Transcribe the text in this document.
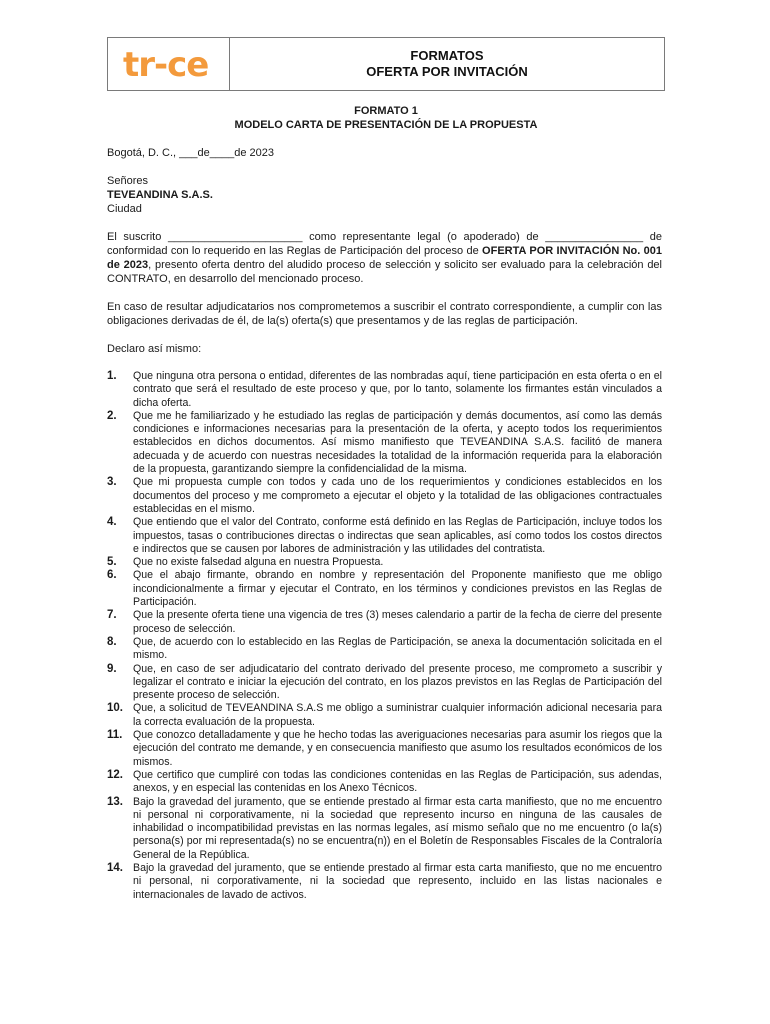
tr-ce	FORMATOS
OFERTA POR INVITACIÓN
FORMATO 1
MODELO CARTA DE PRESENTACIÓN DE LA PROPUESTA
Bogotá, D. C., ___de____de 2023
Señores
TEVEANDINA S.A.S.
Ciudad
El suscrito ______________________ como representante legal (o apoderado) de ________________ de conformidad con lo requerido en las Reglas de Participación del proceso de OFERTA POR INVITACIÓN No. 001 de 2023, presento oferta dentro del aludido proceso de selección y solicito ser evaluado para la celebración del CONTRATO, en desarrollo del mencionado proceso.
En caso de resultar adjudicatarios nos comprometemos a suscribir el contrato correspondiente, a cumplir con las obligaciones derivadas de él, de la(s) oferta(s) que presentamos y de las reglas de participación.
Declaro así mismo:
1.	Que ninguna otra persona o entidad, diferentes de las nombradas aquí, tiene participación en esta oferta o en el contrato que será el resultado de este proceso y que, por lo tanto, solamente los firmantes están vinculados a dicha oferta.
2.	Que me he familiarizado y he estudiado las reglas de participación y demás documentos, así como las demás condiciones e informaciones necesarias para la presentación de la oferta, y acepto todos los requerimientos establecidos en dichos documentos. Así mismo manifiesto que TEVEANDINA S.A.S. facilitó de manera adecuada y de acuerdo con nuestras necesidades la totalidad de la información requerida para la elaboración de la propuesta, garantizando siempre la confidencialidad de la misma.
3.	Que mi propuesta cumple con todos y cada uno de los requerimientos y condiciones establecidos en los documentos del proceso y me comprometo a ejecutar el objeto y la totalidad de las obligaciones contractuales establecidas en el mismo.
4.	Que entiendo que el valor del Contrato, conforme está definido en las Reglas de Participación, incluye todos los impuestos, tasas o contribuciones directas o indirectas que sean aplicables, así como todos los costos directos e indirectos que se causen por labores de administración y las utilidades del contratista.
5.	Que no existe falsedad alguna en nuestra Propuesta.
6.	Que el abajo firmante, obrando en nombre y representación del Proponente manifiesto que me obligo incondicionalmente a firmar y ejecutar el Contrato, en los términos y condiciones previstos en las Reglas de Participación.
7.	Que la presente oferta tiene una vigencia de tres (3) meses calendario a partir de la fecha de cierre del presente proceso de selección.
8.	Que, de acuerdo con lo establecido en las Reglas de Participación, se anexa la documentación solicitada en el mismo.
9.	Que, en caso de ser adjudicatario del contrato derivado del presente proceso, me comprometo a suscribir y legalizar el contrato e iniciar la ejecución del contrato, en los plazos previstos en las Reglas de Participación del presente proceso de selección.
10. Que, a solicitud de TEVEANDINA S.A.S me obligo a suministrar cualquier información adicional necesaria para la correcta evaluación de la propuesta.
11.	Que conozco detalladamente y que he hecho todas las averiguaciones necesarias para asumir los riegos que la ejecución del contrato me demande, y en consecuencia manifiesto que asumo los resultados económicos de los mismos.
12. Que certifico que cumpliré con todas las condiciones contenidas en las Reglas de Participación, sus adendas, anexos, y en especial las contenidas en los Anexo Técnicos.
13. Bajo la gravedad del juramento, que se entiende prestado al firmar esta carta manifiesto, que no me encuentro ni personal ni corporativamente, ni la sociedad que represento incurso en ninguna de las causales de inhabilidad o incompatibilidad previstas en las normas legales, así mismo señalo que no me encuentro (o la(s) persona(s) por mi representada(s) no se encuentra(n)) en el Boletín de Responsables Fiscales de la Contraloría General de la República.
14. Bajo la gravedad del juramento, que se entiende prestado al firmar esta carta manifiesto, que no me encuentro ni personal, ni corporativamente, ni la sociedad que represento, incluido en las listas nacionales e internacionales de lavado de activos.
